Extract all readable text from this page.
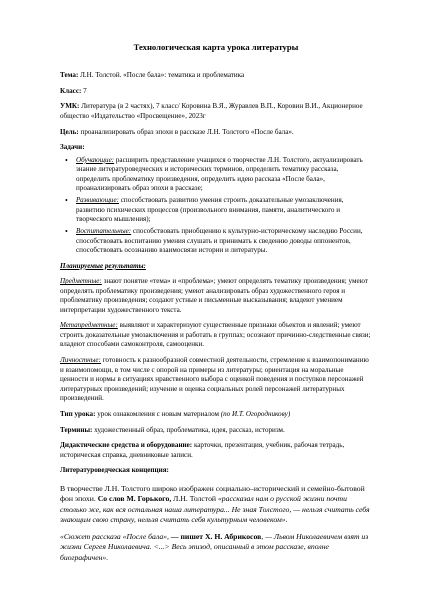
Технологическая карта урока литературы

Тема: Л.Н. Толстой. «После бала»: тематика и проблематика

Класс: 7

УМК: Литература (в 2 частях), 7 класс/ Коровина В.Я., Журавлев В.П., Коровин В.И., Акционерное общество «Издательство «Просвещение», 2023г

Цель: проанализировать образ эпохи в рассказе Л.Н. Толстого «После бала».

Задачи:

• Обучающие: расширить представление учащихся о творчестве Л.Н. Толстого, актуализировать знание литературоведческих и исторических терминов, определить тематику рассказа, определить проблематику произведения, определить идею рассказа «После бала», проанализировать образ эпохи в рассказе;
• Развивающие: способствовать развитию умения строить доказательные умозаключения, развитию психических процессов (произвольного внимания, памяти, аналитического и творческого мышления);
• Воспитательные: способствовать приобщению к культурно-историческому наследию России, способствовать воспитанию умения слушать и принимать к сведению доводы оппонентов, способствовать осознанию взаимосвязи истории и литературы.

Планируемые результаты:

Предметные: знают понятие «тема» и «проблема»; умеют определять тематику произведения; умеют определять проблематику произведения; умеют анализировать образ художественного героя и проблематику произведения; создают устные и письменные высказывания; владеют умением интерпретации художественного текста.

Метапредметные: выявляют и характеризуют существенные признаки объектов и явлений; умеют строить доказательные умозаключения и работать в группах; осознают причинно-следственные связи; владеют способами самоконтроля, самооценки.

Личностные: готовность к разнообразной совместной деятельности, стремление к взаимопониманию и взаимопомощи, в том числе с опорой на примеры из литературы; ориентация на моральные ценности и нормы в ситуациях нравственного выбора с оценкой поведения и поступков персонажей литературных произведений; изучение и оценка социальных ролей персонажей литературных произведений.

Тип урока: урок ознакомления с новым материалом (по И.Т. Огородникову)

Термины: художественный образ, проблематика, идея, рассказ, историзм.

Дидактические средства и оборудование: карточки, презентация, учебник, рабочая тетрадь, историческая справка, дневниковые записи.

Литературоведческая концепция:

В творчестве Л.Н. Толстого широко изображен социально–исторический и семейно-бытовой фон эпохи. Со слов М. Горького, Л.Н. Толстой «рассказал нам о русской жизни почти столько же, как вся остальная наша литература... Не зная Толстого, — нельзя считать себя знающим свою страну, нельзя считать себя культурным человеком».

«Сюжет рассказа «После бала», — пишет Х. Н. Абрикосов, — Львом Николаевичем взят из жизни Сергея Николаевича. <...> Весь эпизод, описанный в этом рассказе, вполне биографичен».
